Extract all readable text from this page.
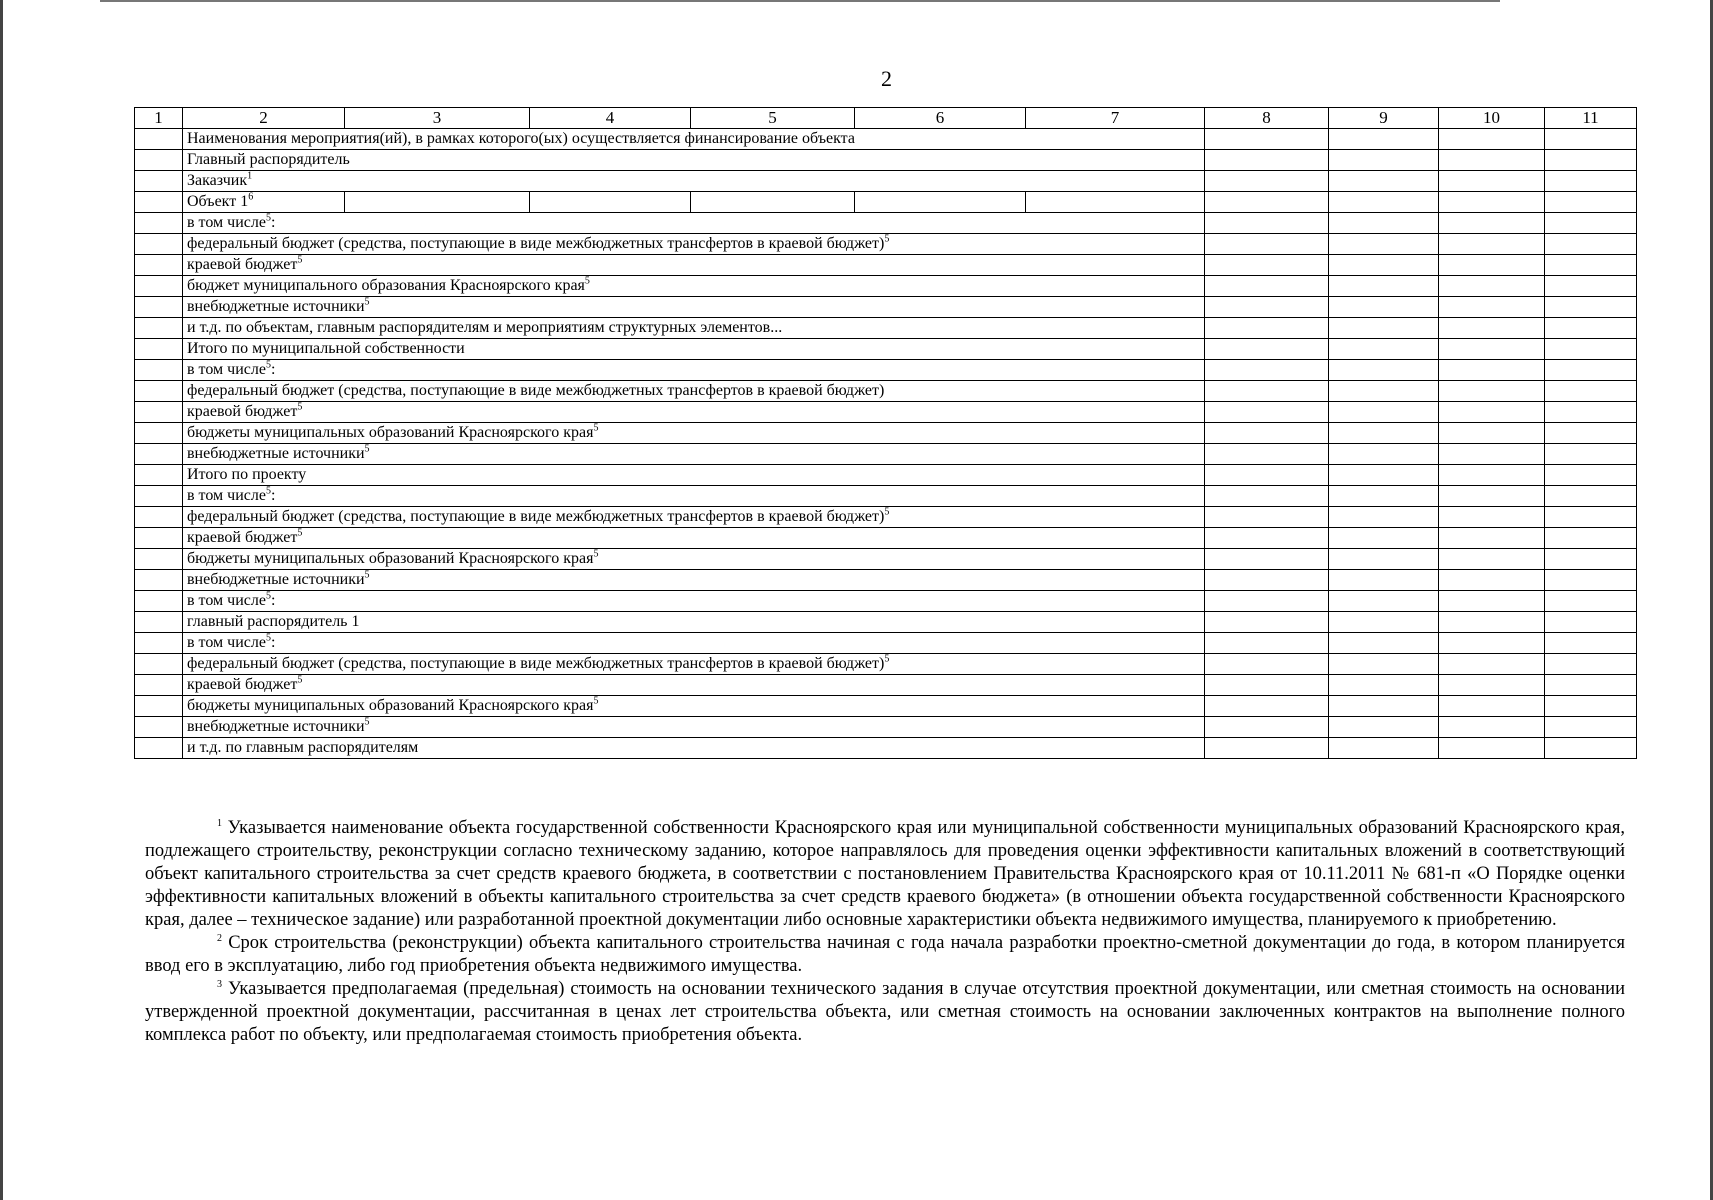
2
1	2	3	4	5	6	7	8	9	10	11
	Наименования мероприятия(ий), в рамках которого(ых) осуществляется финансирование объекта									
	Главный распорядитель									
	Заказчик$^1$				
	Объект $1^6$									
	в том числе$^5$:									
	федеральный бюджет (средства, поступающие в виде межбюджетных трансфертов в краевой бюджет)$^5$				
	краевой бюджет$^5$				
	бюджет муниципального образования Красноярского края$^5$				
	внебюджетные источники$^5$				
	и т.д. по объектам, главным распорядителям и мероприятиям структурных элементов...									
	Итого по муниципальной собственности									
	в том числе$^5$:									
	федеральный бюджет (средства, поступающие в виде межбюджетных трансфертов в краевой бюджет)									
	краевой бюджет$^5$				
	бюджеты муниципальных образований Красноярского края$^5$				
	внебюджетные источники$^5$				
	Итого по проекту									
	в том числе$^5$:									
	федеральный бюджет (средства, поступающие в виде межбюджетных трансфертов в краевой бюджет)$^5$				
	краевой бюджет$^5$				
	бюджеты муниципальных образований Красноярского края$^5$				
	внебюджетные источники$^5$				
	в том числе$^5$:									
	главный распорядитель 1									
	в том числе$^5$:									
	федеральный бюджет (средства, поступающие в виде межбюджетных трансфертов в краевой бюджет)$^5$				
	краевой бюджет$^5$				
	бюджеты муниципальных образований Красноярского края$^5$				
	внебюджетные источники$^5$				
	и т.д. по главным распорядителям									

$^1$ Указывается наименование объекта государственной собственности Красноярского края или муниципальной собственности муниципальных образований Красноярского края, подлежащего строительству, реконструкции согласно техническому заданию, которое направлялось для проведения оценки эффективности капитальных вложений в соответствующий объект капитального строительства за счет средств краевого бюджета, в соответствии с постановлением Правительства Красноярского края от 10.11.2011 № 681-п «О Порядке оценки эффективности капитальных вложений в объекты капитального строительства за счет средств краевого бюджета» (в отношении объекта государственной собственности Красноярского края, далее – техническое задание) или разработанной проектной документации либо основные характеристики объекта недвижимого имущества, планируемого к приобретению.

$^2$ Срок строительства (реконструкции) объекта капитального строительства начиная с года начала разработки проектно-сметной документации до года, в котором планируется ввод его в эксплуатацию, либо год приобретения объекта недвижимого имущества.

$^3$ Указывается предполагаемая (предельная) стоимость на основании технического задания в случае отсутствия проектной документации, или сметная стоимость на основании утвержденной проектной документации, рассчитанная в ценах лет строительства объекта, или сметная стоимость на основании заключенных контрактов на выполнение полного комплекса работ по объекту, или предполагаемая стоимость приобретения объекта.
